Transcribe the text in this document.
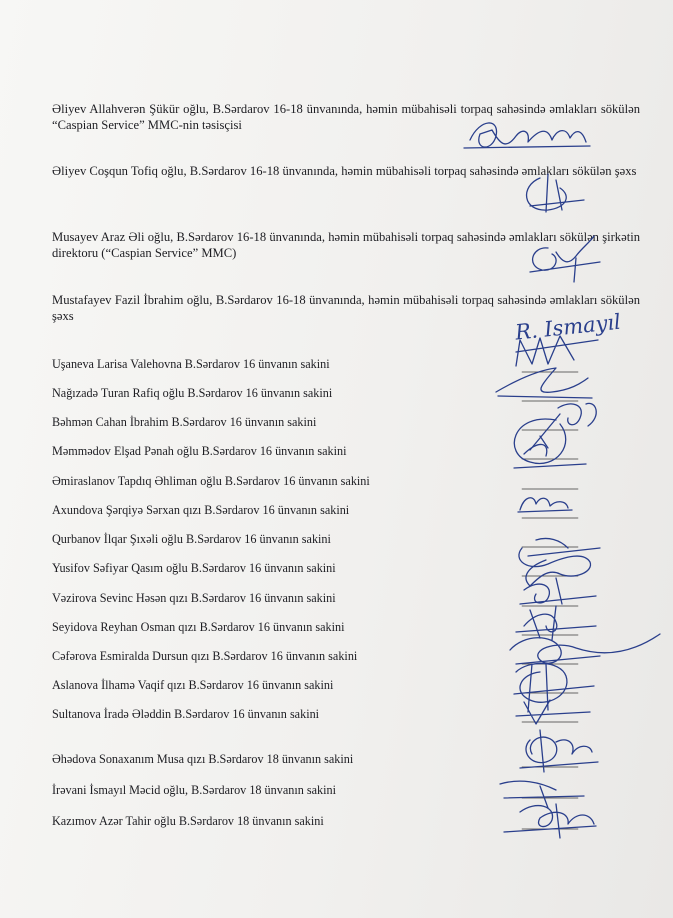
Əliyev Allahverən Şükür oğlu, B.Sərdarov 16-18 ünvanında, həmin mübahisəli torpaq sahəsində əmlakları sökülən “Caspian Service” MMC-nin təsisçisi
Əliyev Coşqun Tofiq oğlu, B.Sərdarov 16-18 ünvanında, həmin mübahisəli torpaq sahəsində əmlakları sökülən şəxs
Musayev Araz Əli oğlu, B.Sərdarov 16-18 ünvanında, həmin mübahisəli torpaq sahəsində əmlakları sökülən şirkətin direktoru (“Caspian Service” MMC)
Mustafayev Fazil İbrahim oğlu, B.Sərdarov 16-18 ünvanında, həmin mübahisəli torpaq sahəsində əmlakları sökülən şəxs
Uşaneva Larisa Valehovna B.Sərdarov 16 ünvanın sakini
Nağızadə Turan Rafiq oğlu B.Sərdarov 16 ünvanın sakini
Bəhmən Cahan İbrahim B.Sərdarov 16 ünvanın sakini
Məmmədov Elşad Pənah oğlu B.Sərdarov 16 ünvanın sakini
Əmiraslanov Tapdıq Əhliman oğlu B.Sərdarov 16 ünvanın sakini
Axundova Şərqiyə Sərxan qızı B.Sərdarov 16 ünvanın sakini
Qurbanov İlqar Şıxəli oğlu B.Sərdarov 16 ünvanın sakini
Yusifov Səfiyar Qasım oğlu B.Sərdarov 16 ünvanın sakini
Vəzirova Sevinc Həsən qızı B.Sərdarov 16 ünvanın sakini
Seyidova Reyhan Osman qızı B.Sərdarov 16 ünvanın sakini
Cəfərova Esmiralda Dursun qızı B.Sərdarov 16 ünvanın sakini
Aslanova İlhamə Vaqif qızı B.Sərdarov 16 ünvanın sakini
Sultanova İradə Ələddin B.Sərdarov 16 ünvanın sakini
Əhədova Sonaxanım Musa qızı B.Sərdarov 18 ünvanın sakini
İrəvani İsmayıl Məcid oğlu, B.Sərdarov 18 ünvanın sakini
Kazımov Azər Tahir oğlu B.Sərdarov 18 ünvanın sakini
R. Ismayıl
